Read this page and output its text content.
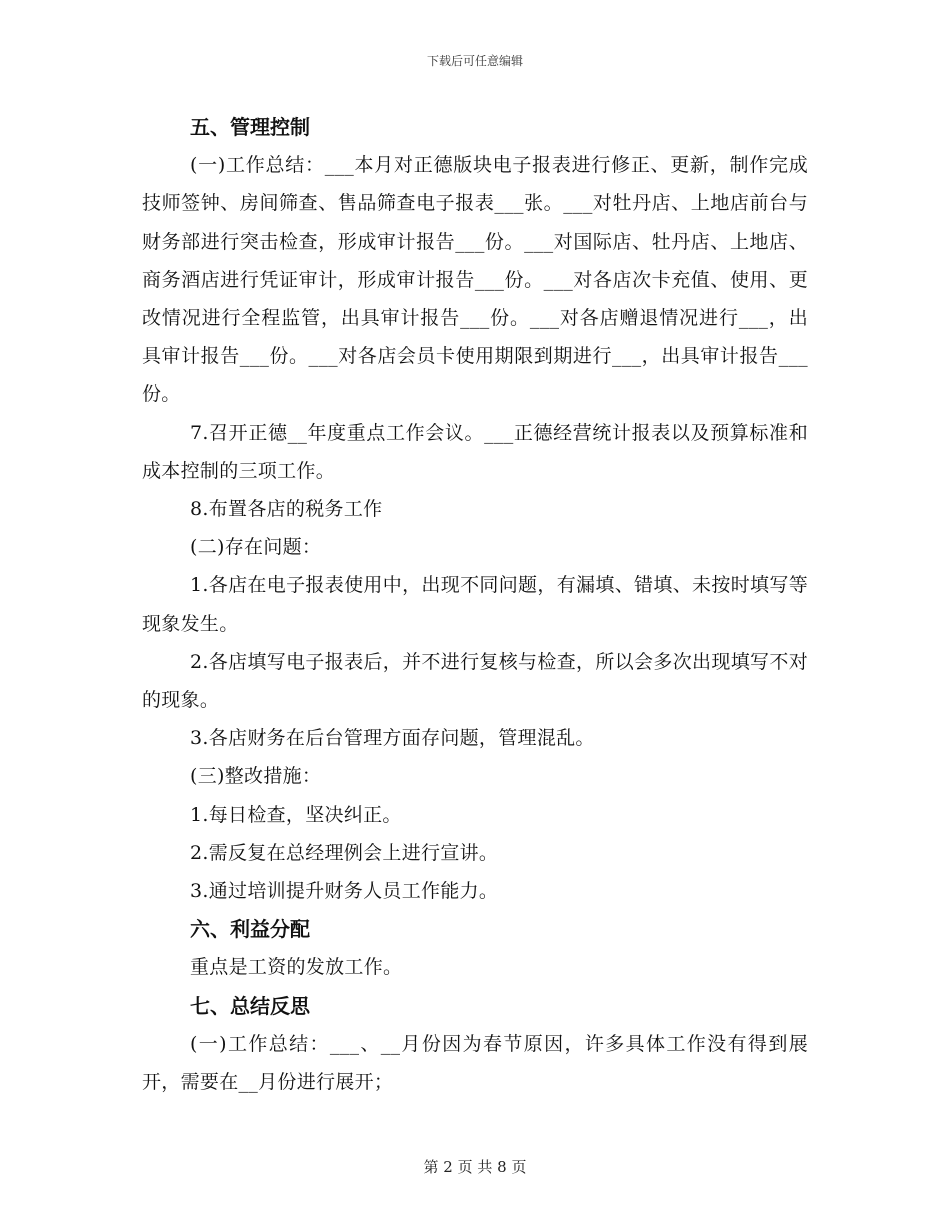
下载后可任意编辑
五、管理控制

(一)工作总结：___本月对正德版块电子报表进行修正、更新，制作完成技师签钟、房间筛查、售品筛查电子报表___张。___对牡丹店、上地店前台与财务部进行突击检查，形成审计报告___份。___对国际店、牡丹店、上地店、商务酒店进行凭证审计，形成审计报告___份。___对各店次卡充值、使用、更改情况进行全程监管，出具审计报告___份。___对各店赠退情况进行___，出具审计报告___份。___对各店会员卡使用期限到期进行___，出具审计报告___份。

7.召开正德__年度重点工作会议。___正德经营统计报表以及预算标准和成本控制的三项工作。

8.布置各店的税务工作

(二)存在问题：

1.各店在电子报表使用中，出现不同问题，有漏填、错填、未按时填写等现象发生。

2.各店填写电子报表后，并不进行复核与检查，所以会多次出现填写不对的现象。

3.各店财务在后台管理方面存问题，管理混乱。

(三)整改措施：

1.每日检查，坚决纠正。

2.需反复在总经理例会上进行宣讲。

3.通过培训提升财务人员工作能力。

六、利益分配

重点是工资的发放工作。

七、总结反思

(一)工作总结：___、__月份因为春节原因，许多具体工作没有得到展开，需要在__月份进行展开；

第 2 页 共 8 页
